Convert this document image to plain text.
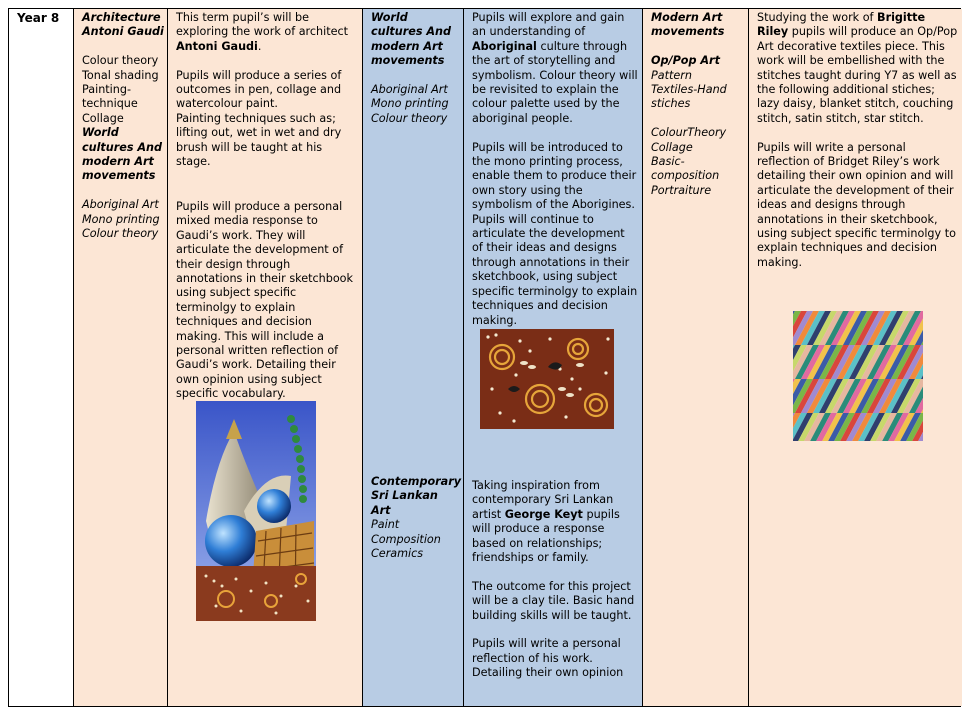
Year 8 Architecture Antoni Gaudi

Colour theory

Tonal shading

Painting-technique

Collage

World cultures And modern Art movements

Aboriginal Art

Mono printing

Colour theory

This term pupil’s will be exploring the work of architect Antoni Gaudi.

Pupils will produce a series of outcomes in pen, collage and watercolour paint.

Painting techniques such as; lifting out, wet in wet and dry brush will be taught at his stage.

Pupils will produce a personal mixed media response to Gaudi’s work. They will articulate the development of their design through annotations in their sketchbook using subject specific terminolgy to explain techniques and decision making. This will include a personal written reflection of Gaudi’s work. Detailing their own opinion using subject specific vocabulary.

World cultures And modern Art movements

Aboriginal Art

Mono printing

Colour theory

Contemporary Sri Lankan Art

Paint

Composition

Ceramics

Pupils will explore and gain an understanding of Aboriginal culture through the art of storytelling and symbolism. Colour theory will be revisited to explain the colour palette used by the aboriginal people.

Pupils will be introduced to the mono printing process, enable them to produce their own story using the symbolism of the Aborigines.

Pupils will continue to articulate the development of their ideas and designs through annotations in their sketchbook, using subject specific terminolgy to explain techniques and decision making.

Taking inspiration from contemporary Sri Lankan artist George Keyt pupils will produce a response based on relationships; friendships or family.

The outcome for this project will be a clay tile. Basic hand building skills will be taught.

Pupils will write a personal reflection of his work. Detailing their own opinion

Modern Art movements

Op/Pop Art

Pattern

Textiles-Hand stiches

ColourTheory

Collage

Basic-composition

Portraiture

Studying the work of Brigitte Riley pupils will produce an Op/Pop Art decorative textiles piece. This work will be embellished with the stitches taught during Y7 as well as the following additional stiches;

lazy daisy, blanket stitch, couching stitch, satin stitch, star stitch.

Pupils will write a personal reflection of Bridget Riley’s work detailing their own opinion and will articulate the development of their ideas and designs through annotations in their sketchbook, using subject specific terminolgy to explain techniques and decision making.
